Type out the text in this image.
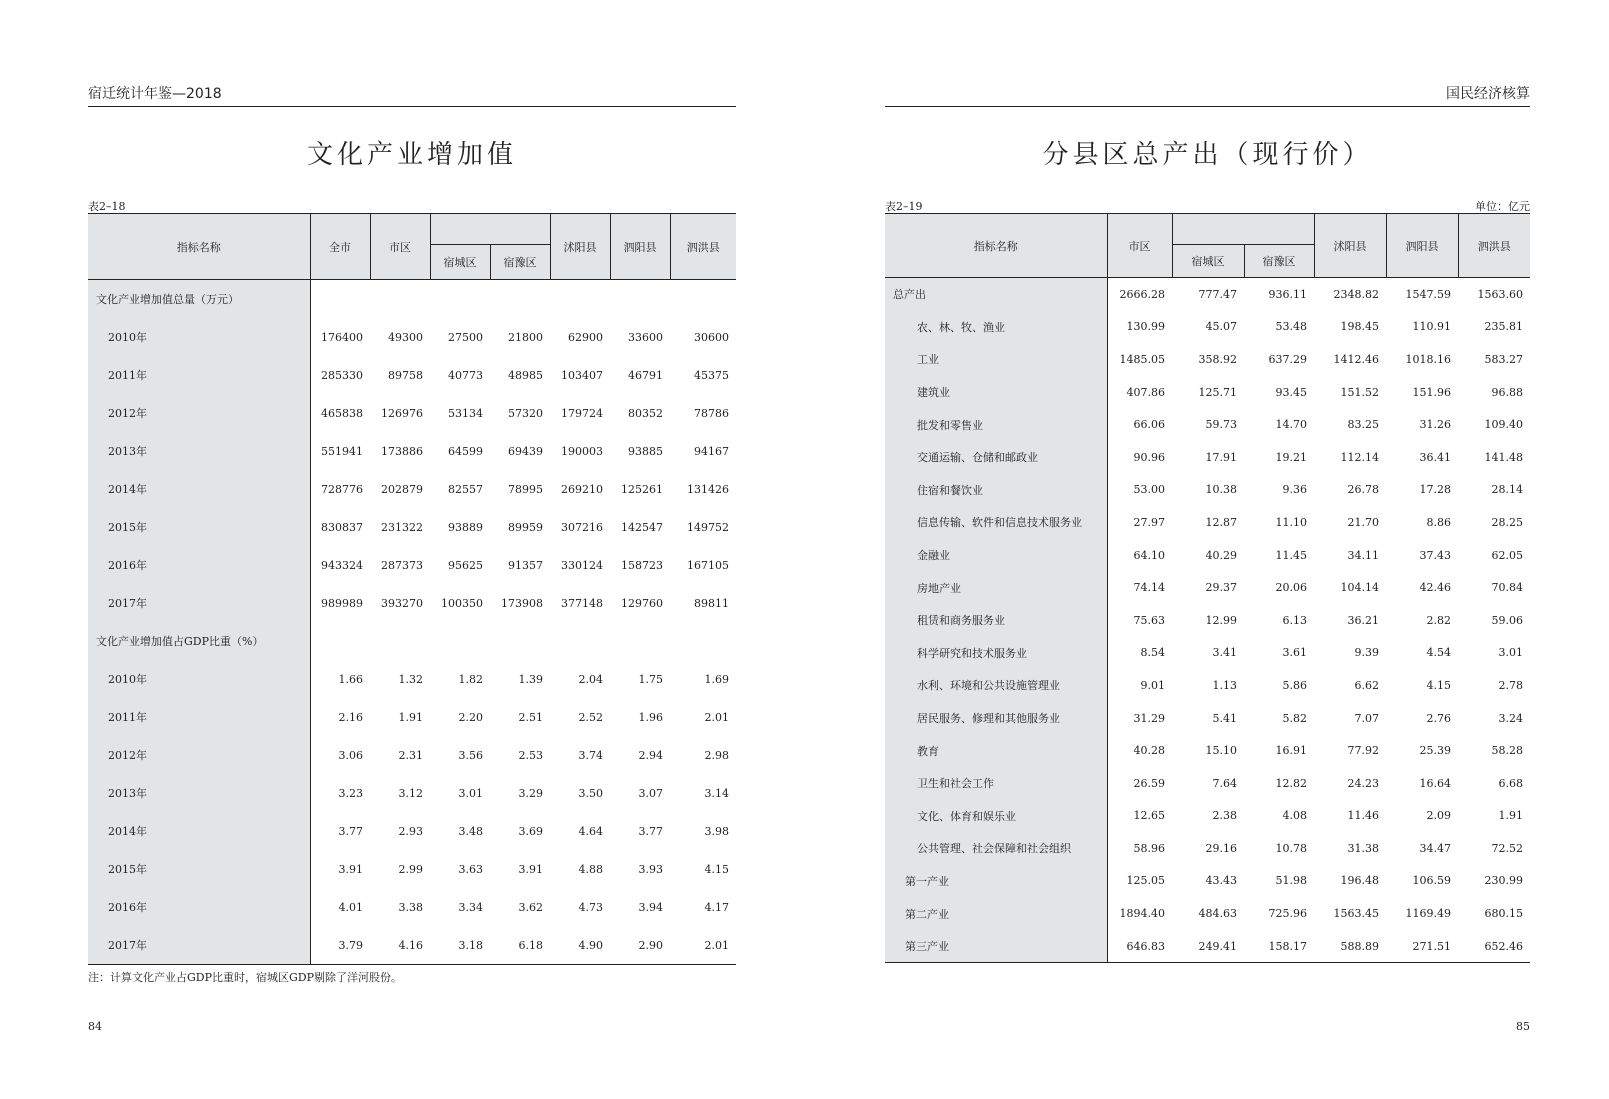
宿迁统计年鉴—2018
文化产业增加值
表2–18
指标名称	全市	市区			沭阳县	泗阳县	泗洪县
			宿城区	宿豫区			
文化产业增加值总量（万元）							
2010年	176400	49300	27500	21800	62900	33600	30600
2011年	285330	89758	40773	48985	103407	46791	45375
2012年	465838	126976	53134	57320	179724	80352	78786
2013年	551941	173886	64599	69439	190003	93885	94167
2014年	728776	202879	82557	78995	269210	125261	131426
2015年	830837	231322	93889	89959	307216	142547	149752
2016年	943324	287373	95625	91357	330124	158723	167105
2017年	989989	393270	100350	173908	377148	129760	89811
文化产业增加值占GDP比重（%）							
2010年	1.66	1.32	1.82	1.39	2.04	1.75	1.69
2011年	2.16	1.91	2.20	2.51	2.52	1.96	2.01
2012年	3.06	2.31	3.56	2.53	3.74	2.94	2.98
2013年	3.23	3.12	3.01	3.29	3.50	3.07	3.14
2014年	3.77	2.93	3.48	3.69	4.64	3.77	3.98
2015年	3.91	2.99	3.63	3.91	4.88	3.93	4.15
2016年	4.01	3.38	3.34	3.62	4.73	3.94	4.17
2017年	3.79	4.16	3.18	6.18	4.90	2.90	2.01
注：计算文化产业占GDP比重时，宿城区GDP剔除了洋河股份。
84
国民经济核算
分县区总产出（现行价）
表2–19	单位：亿元
指标名称	市区			沭阳县	泗阳县	泗洪县
		宿城区	宿豫区			
总产出	2666.28	777.47	936.11	2348.82	1547.59	1563.60
农、林、牧、渔业	130.99	45.07	53.48	198.45	110.91	235.81
工业	1485.05	358.92	637.29	1412.46	1018.16	583.27
建筑业	407.86	125.71	93.45	151.52	151.96	96.88
批发和零售业	66.06	59.73	14.70	83.25	31.26	109.40
交通运输、仓储和邮政业	90.96	17.91	19.21	112.14	36.41	141.48
住宿和餐饮业	53.00	10.38	9.36	26.78	17.28	28.14
信息传输、软件和信息技术服务业	27.97	12.87	11.10	21.70	8.86	28.25
金融业	64.10	40.29	11.45	34.11	37.43	62.05
房地产业	74.14	29.37	20.06	104.14	42.46	70.84
租赁和商务服务业	75.63	12.99	6.13	36.21	2.82	59.06
科学研究和技术服务业	8.54	3.41	3.61	9.39	4.54	3.01
水利、环境和公共设施管理业	9.01	1.13	5.86	6.62	4.15	2.78
居民服务、修理和其他服务业	31.29	5.41	5.82	7.07	2.76	3.24
教育	40.28	15.10	16.91	77.92	25.39	58.28
卫生和社会工作	26.59	7.64	12.82	24.23	16.64	6.68
文化、体育和娱乐业	12.65	2.38	4.08	11.46	2.09	1.91
公共管理、社会保障和社会组织	58.96	29.16	10.78	31.38	34.47	72.52
第一产业	125.05	43.43	51.98	196.48	106.59	230.99
第二产业	1894.40	484.63	725.96	1563.45	1169.49	680.15
第三产业	646.83	249.41	158.17	588.89	271.51	652.46
85
